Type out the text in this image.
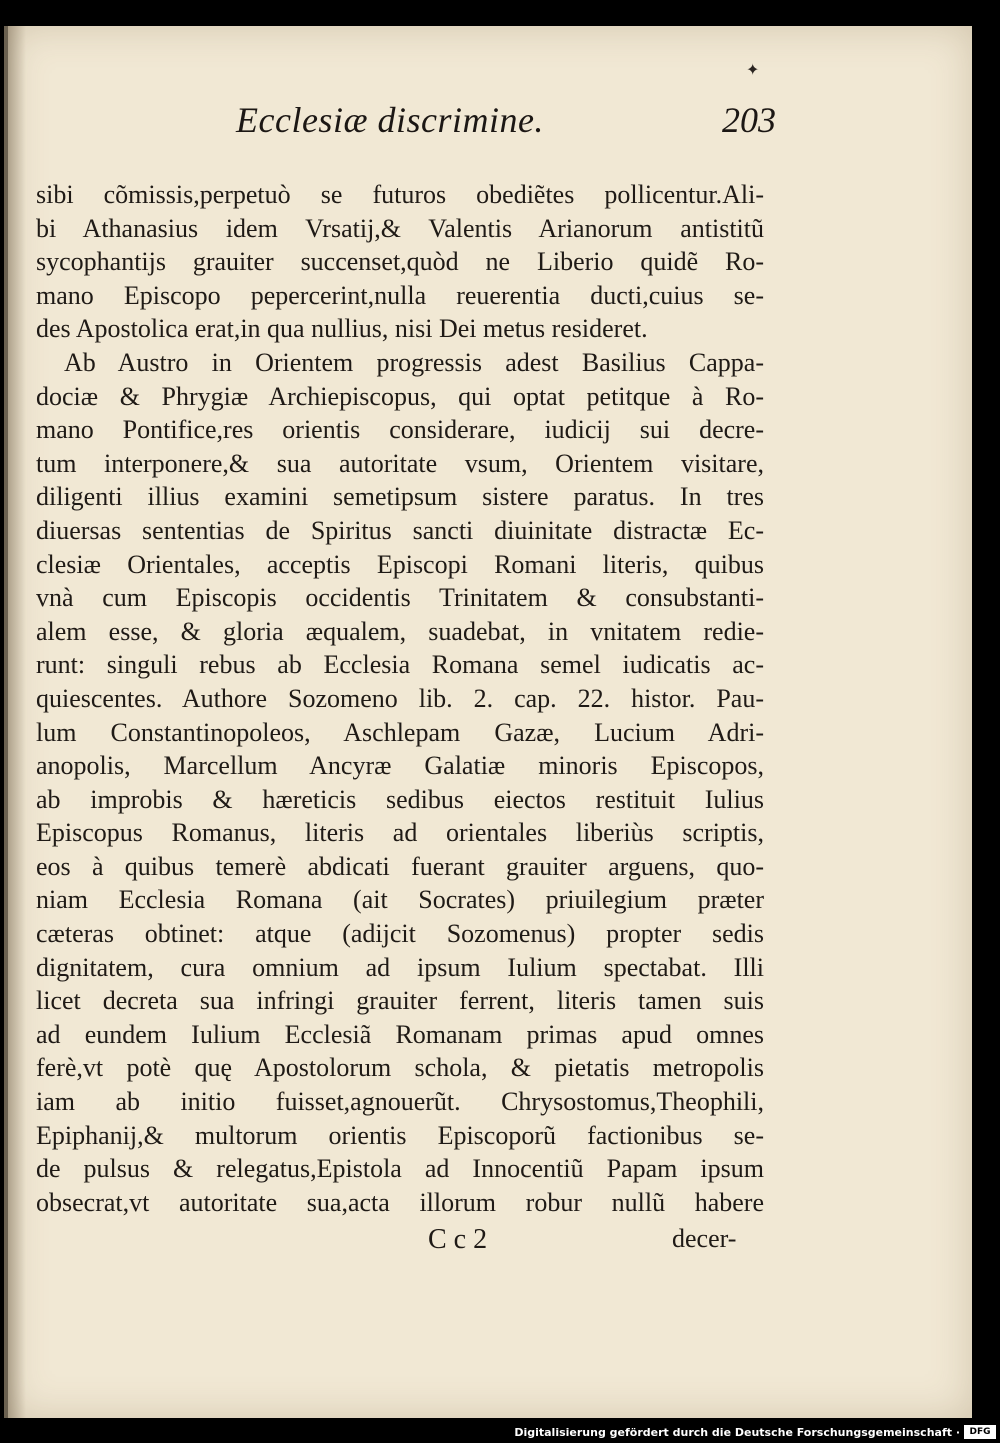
✦
Ecclesiæ discrimine.	203
sibi cõmissis,perpetuò se futuros obediẽtes pollicentur.Ali-
bi Athanasius idem Vrsatij,& Valentis Arianorum antistitũ
sycophantijs grauiter succenset,quòd ne Liberio quidẽ Ro-
mano Episcopo pepercerint,nulla reuerentia ducti,cuius se-
des Apostolica erat,in qua nullius, nisi Dei metus resideret.
Ab Austro in Orientem progressis adest Basilius Cappa-
dociæ & Phrygiæ Archiepiscopus, qui optat petitque à Ro-
mano Pontifice,res orientis considerare, iudicij sui decre-
tum interponere,& sua autoritate vsum, Orientem visitare,
diligenti illius examini semetipsum sistere paratus. In tres
diuersas sententias de Spiritus sancti diuinitate distractæ Ec-
clesiæ Orientales, acceptis Episcopi Romani literis, quibus
vnà cum Episcopis occidentis Trinitatem & consubstanti-
alem esse, & gloria æqualem, suadebat, in vnitatem redie-
runt: singuli rebus ab Ecclesia Romana semel iudicatis ac-
quiescentes. Authore Sozomeno lib. 2. cap. 22. histor. Pau-
lum Constantinopoleos, Aschlepam Gazæ, Lucium Adri-
anopolis, Marcellum Ancyræ Galatiæ minoris Episcopos,
ab improbis & hæreticis sedibus eiectos restituit Iulius
Episcopus Romanus, literis ad orientales liberiùs scriptis,
eos à quibus temerè abdicati fuerant grauiter arguens, quo-
niam Ecclesia Romana (ait Socrates) priuilegium præter
cæteras obtinet: atque (adijcit Sozomenus) propter sedis
dignitatem, cura omnium ad ipsum Iulium spectabat. Illi
licet decreta sua infringi grauiter ferrent, literis tamen suis
ad eundem Iulium Ecclesiã Romanam primas apud omnes
ferè,vt potè quę Apostolorum schola, & pietatis metropolis
iam ab initio fuisset,agnouerũt. Chrysostomus,Theophili,
Epiphanij,& multorum orientis Episcoporũ factionibus se-
de pulsus & relegatus,Epistola ad Innocentiũ Papam ipsum
obsecrat,vt autoritate sua,acta illorum robur nullũ habere
C c 2	decer-
Digitalisierung gefördert durch die Deutsche Forschungsgemeinschaft ·	DFG
